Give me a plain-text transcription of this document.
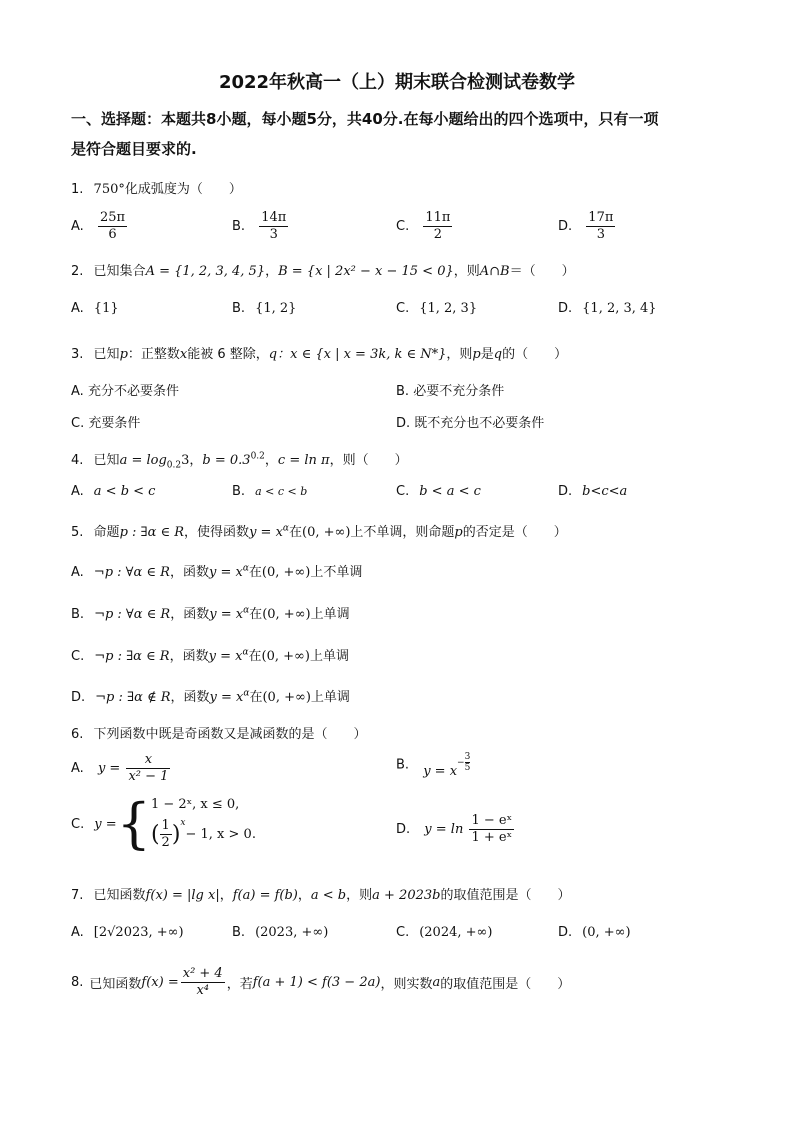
2022年秋高一（上）期末联合检测试卷数学
一、选择题：本题共8小题，每小题5分，共40分.在每小题给出的四个选项中，只有一项
是符合题目要求的.
1. 750°化成弧度为（　　）
A. $\frac{25\pi}{6}$	B. $\frac{14\pi}{3}$	C. $\frac{11\pi}{2}$	D. $\frac{17\pi}{3}$
2. 已知集合A = {1, 2, 3, 4, 5}，B = {x | 2x² − x − 15 < 0}，则A∩B＝（　　）
A. {1}	B. {1, 2}	C. {1, 2, 3}	D. {1, 2, 3, 4}
3. 已知p：正整数x能被 6 整除，q：x ∈ {x | x = 3k, k ∈ N*}，则p是q的（　　）
A. 充分不必要条件	B. 必要不充分条件
C. 充要条件	D. 既不充分也不必要条件
4. 已知$a = \log_{0.2}3$，$b = 0.3^{0.2}$，c = ln π，则（　　）
A. a < b < c	B. a < c < b	C. b < a < c	D. b<c<a
5. 命题p : ∃α ∈ R，使得函数$y = x^\alpha$在(0, +∞)上不单调，则命题p的否定是（　　）
A. ¬p : ∀α ∈ R，函数$y = x^\alpha$在(0, +∞)上不单调
B. ¬p : ∀α ∈ R，函数$y = x^\alpha$在(0, +∞)上单调
C. ¬p : ∃α ∈ R，函数$y = x^\alpha$在(0, +∞)上单调
D. ¬p : ∃α ∉ R，函数$y = x^\alpha$在(0, +∞)上单调
6. 下列函数中既是奇函数又是减函数的是（　　）
A. $y = \frac{x}{\text{x² − 1}}$	B. y = x
− $\frac{3}{5}$
C. y = { 1 − 2ˣ, x ≤ 0,
( $\frac{1}{2} )^x$
− 1, x > 0.	D. $y = \ln \frac{\text{1 − eˣ}}{\text{1 + eˣ}}$
7. 已知函数f(x) = |lg x|，f(a) = f(b)，a < b，则a + 2023b的取值范围是（　　）
A. [2√2023, +∞)	B. (2023, +∞)	C. (2024, +∞)	D. (0, +∞)
8. 已知函数 $f(x) = \frac{\text{x² + 4}}{\text{x⁴}}$ ，若 f(a + 1) < f(3 − 2a) ，则实数 a 的取值范围是（　　）
